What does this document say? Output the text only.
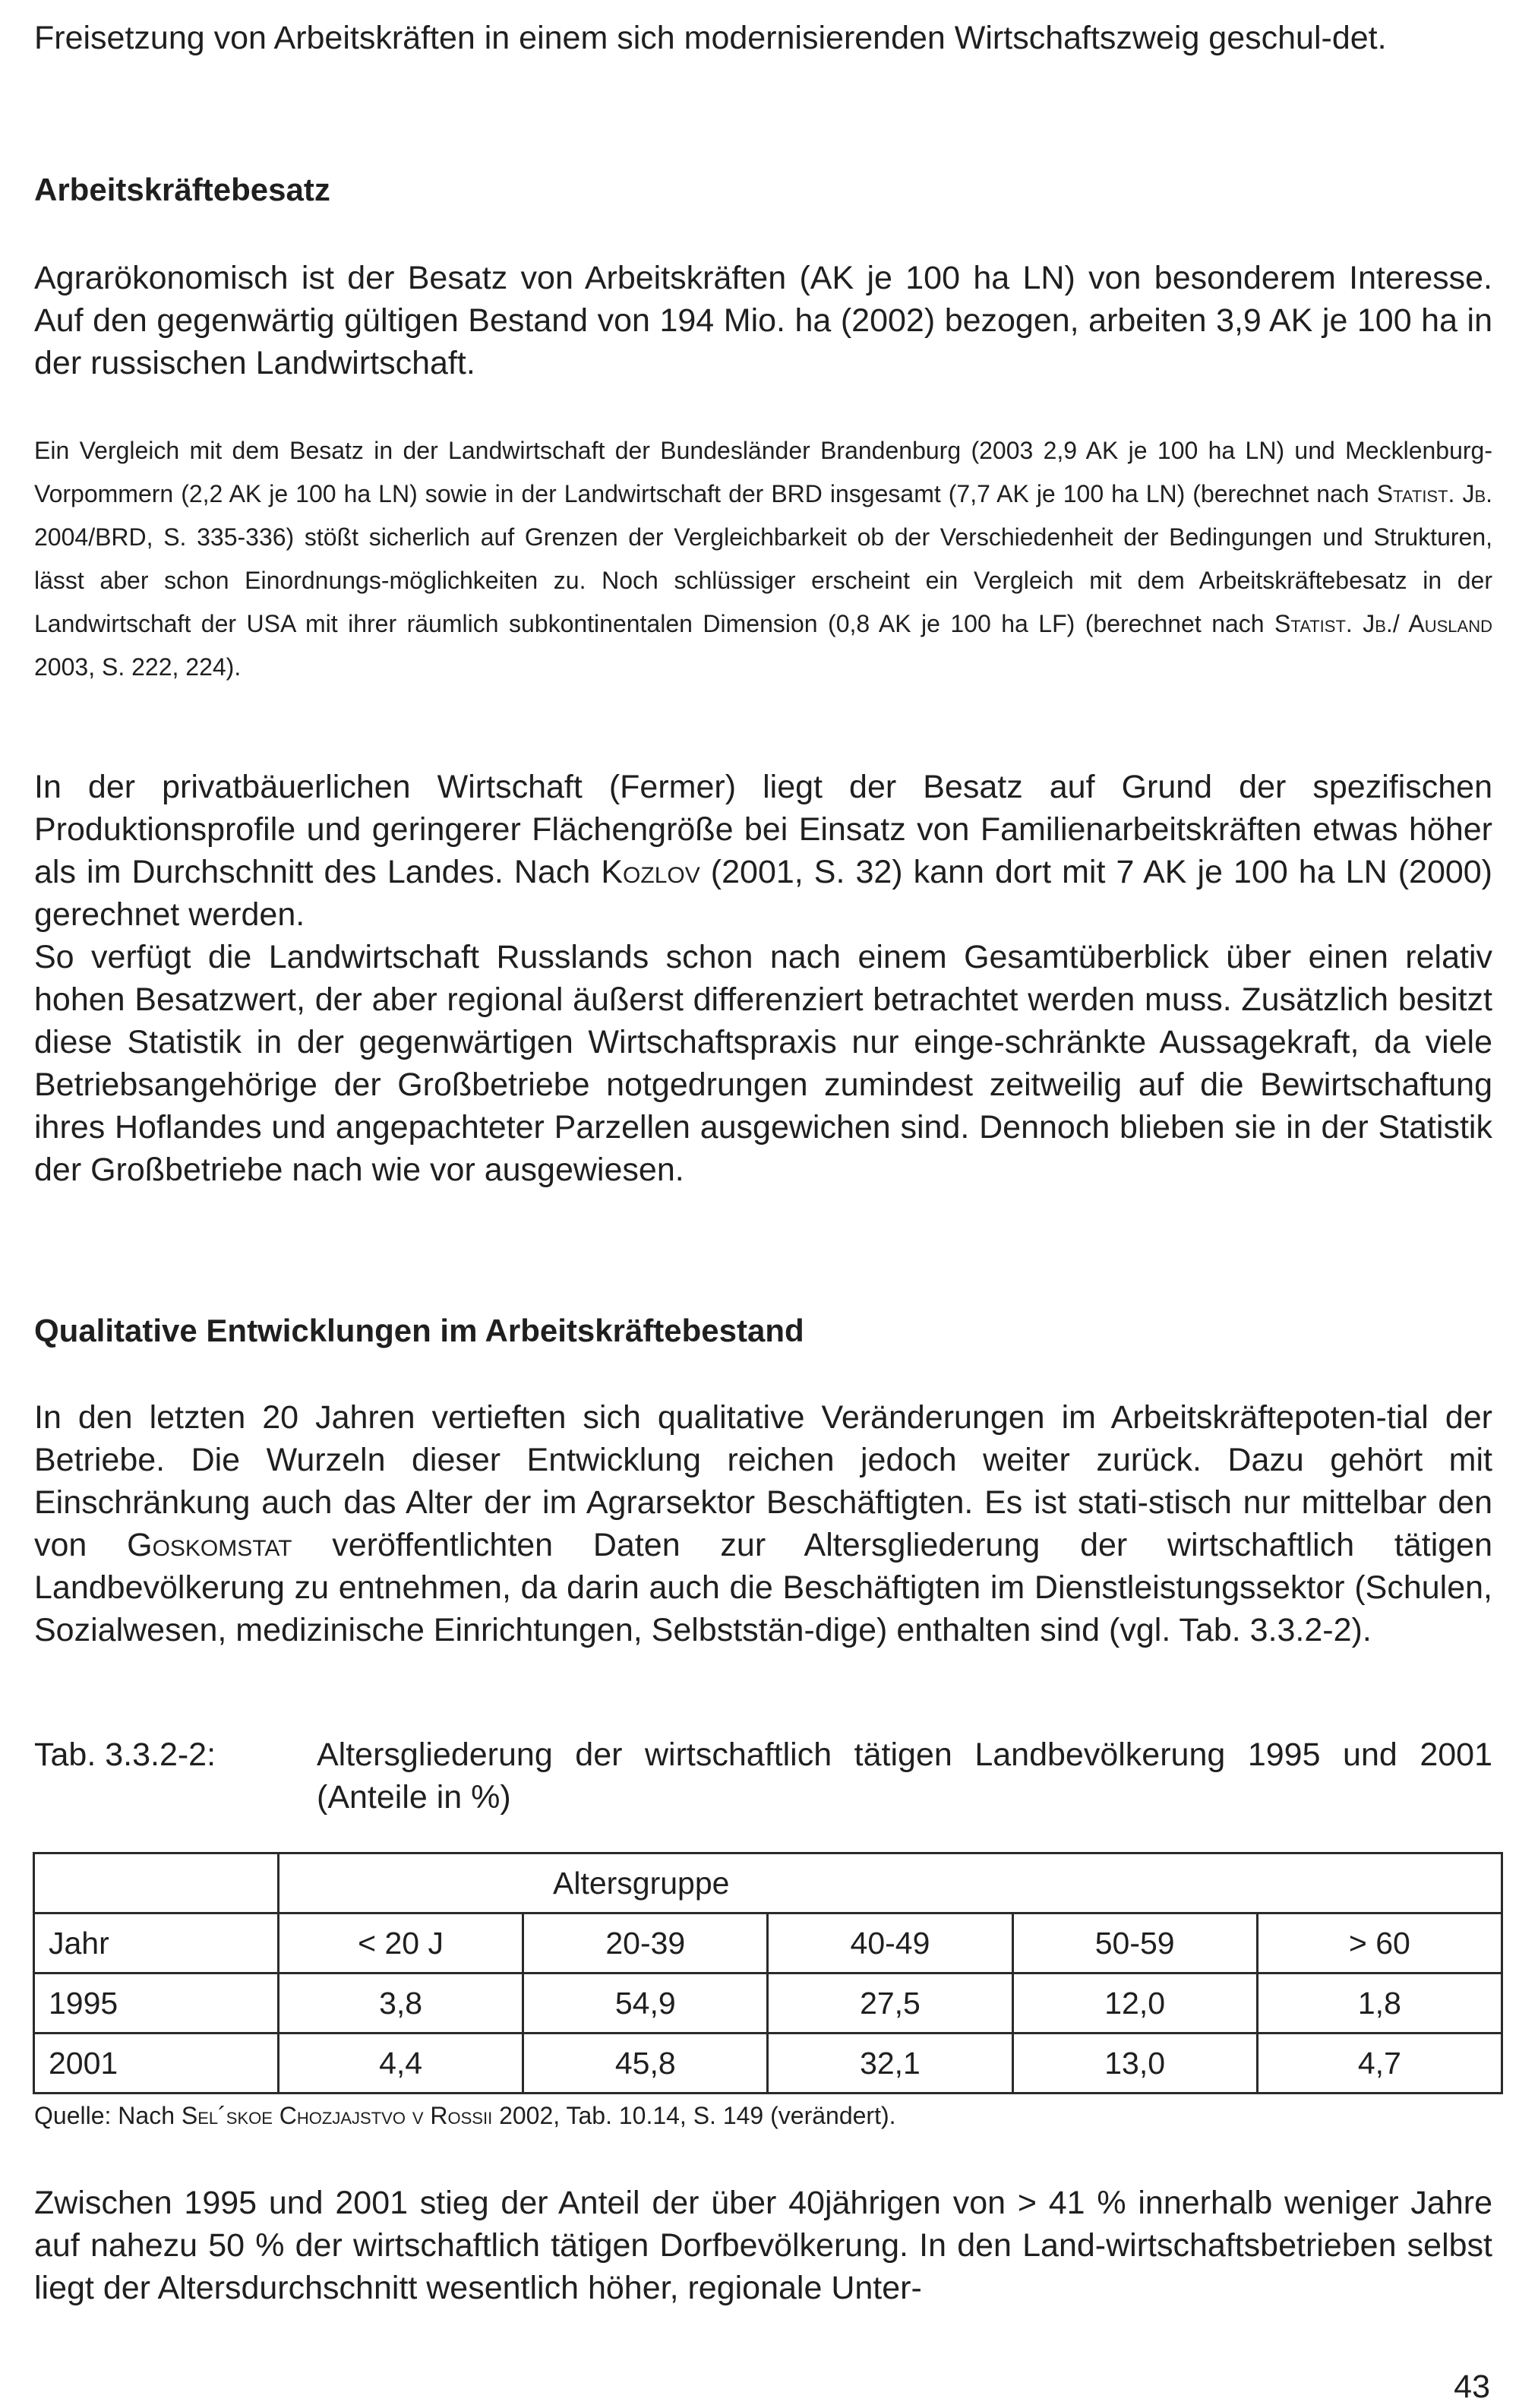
Freisetzung von Arbeitskräften in einem sich modernisierenden Wirtschaftszweig geschul-det.

Arbeitskräftebesatz

Agrarökonomisch ist der Besatz von Arbeitskräften (AK je 100 ha LN) von besonderem Interesse. Auf den gegenwärtig gültigen Bestand von 194 Mio. ha (2002) bezogen, arbeiten 3,9 AK je 100 ha in der russischen Landwirtschaft.

Ein Vergleich mit dem Besatz in der Landwirtschaft der Bundesländer Brandenburg (2003 2,9 AK je 100 ha LN) und Mecklenburg-Vorpommern (2,2 AK je 100 ha LN) sowie in der Landwirtschaft der BRD insgesamt (7,7 AK je 100 ha LN) (berechnet nach Statist. Jb. 2004/BRD, S. 335-336) stößt sicherlich auf Grenzen der Vergleichbarkeit ob der Verschiedenheit der Bedingungen und Strukturen, lässt aber schon Einordnungs-möglichkeiten zu. Noch schlüssiger erscheint ein Vergleich mit dem Arbeitskräftebesatz in der Landwirtschaft der USA mit ihrer räumlich subkontinentalen Dimension (0,8 AK je 100 ha LF) (berechnet nach Statist. Jb./ Ausland 2003, S. 222, 224).

In der privatbäuerlichen Wirtschaft (Fermer) liegt der Besatz auf Grund der spezifischen Produktionsprofile und geringerer Flächengröße bei Einsatz von Familienarbeitskräften etwas höher als im Durchschnitt des Landes. Nach Kozlov (2001, S. 32) kann dort mit 7 AK je 100 ha LN (2000) gerechnet werden.

So verfügt die Landwirtschaft Russlands schon nach einem Gesamtüberblick über einen relativ hohen Besatzwert, der aber regional äußerst differenziert betrachtet werden muss. Zusätzlich besitzt diese Statistik in der gegenwärtigen Wirtschaftspraxis nur einge-schränkte Aussagekraft, da viele Betriebsangehörige der Großbetriebe notgedrungen zumindest zeitweilig auf die Bewirtschaftung ihres Hoflandes und angepachteter Parzellen ausgewichen sind. Dennoch blieben sie in der Statistik der Großbetriebe nach wie vor ausgewiesen.

Qualitative Entwicklungen im Arbeitskräftebestand

In den letzten 20 Jahren vertieften sich qualitative Veränderungen im Arbeitskräftepoten-tial der Betriebe. Die Wurzeln dieser Entwicklung reichen jedoch weiter zurück. Dazu gehört mit Einschränkung auch das Alter der im Agrarsektor Beschäftigten. Es ist stati-stisch nur mittelbar den von Goskomstat veröffentlichten Daten zur Altersgliederung der wirtschaftlich tätigen Landbevölkerung zu entnehmen, da darin auch die Beschäftigten im Dienstleistungssektor (Schulen, Sozialwesen, medizinische Einrichtungen, Selbststän-dige) enthalten sind (vgl. Tab. 3.3.2-2).

Tab. 3.3.2-2:	Altersgliederung der wirtschaftlich tätigen Landbevölkerung 1995 und 2001 (Anteile in %)
	Altersgruppe				
Jahr	< 20 J	20-39	40-49	50-59	> 60
1995	3,8	54,9	27,5	12,0	1,8
2001	4,4	45,8	32,1	13,0	4,7
Quelle: Nach Sel´skoe Chozjajstvo v Rossii 2002, Tab. 10.14, S. 149 (verändert).

Zwischen 1995 und 2001 stieg der Anteil der über 40jährigen von > 41 % innerhalb weniger Jahre auf nahezu 50 % der wirtschaftlich tätigen Dorfbevölkerung. In den Land-wirtschaftsbetrieben selbst liegt der Altersdurchschnitt wesentlich höher, regionale Unter-

43
